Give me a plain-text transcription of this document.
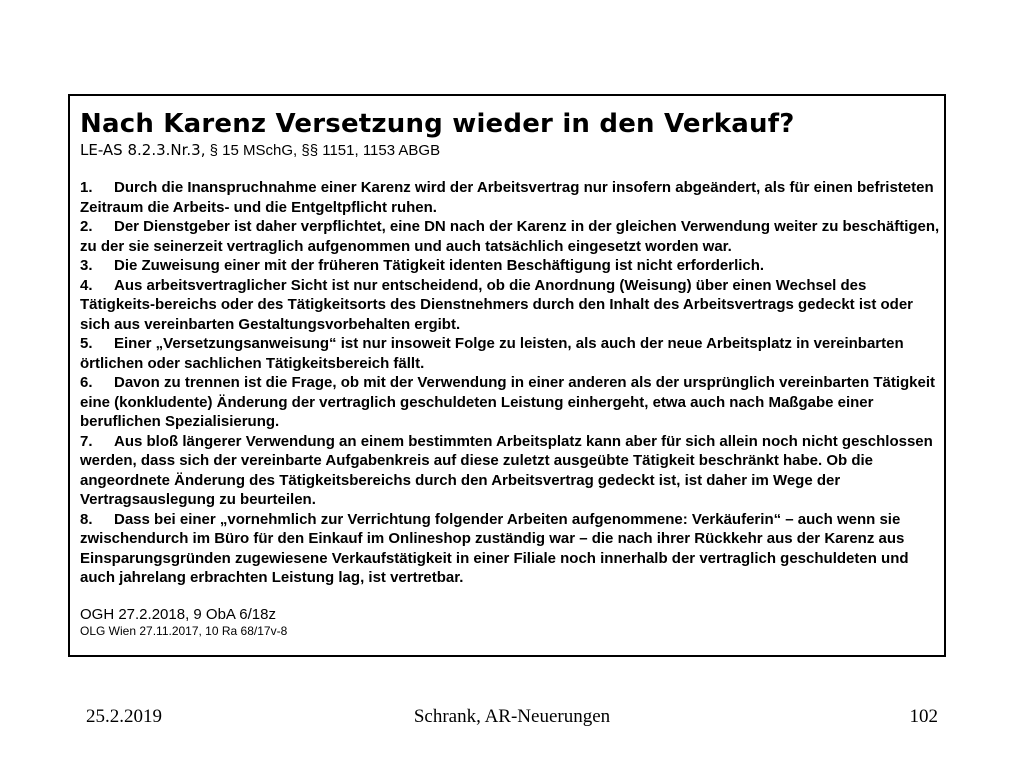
Nach Karenz Versetzung wieder in den Verkauf?
LE-AS 8.2.3.Nr.3, § 15 MSchG, §§ 1151, 1153 ABGB
1. Durch die Inanspruchnahme einer Karenz wird der Arbeitsvertrag nur insofern abgeändert, als für einen befristeten Zeitraum die Arbeits- und die Entgeltpflicht ruhen.
2. Der Dienstgeber ist daher verpflichtet, eine DN nach der Karenz in der gleichen Verwendung weiter zu beschäftigen, zu der sie seinerzeit vertraglich aufgenommen und auch tatsächlich eingesetzt worden war.
3. Die Zuweisung einer mit der früheren Tätigkeit identen Beschäftigung ist nicht erforderlich.
4. Aus arbeitsvertraglicher Sicht ist nur entscheidend, ob die Anordnung (Weisung) über einen Wechsel des Tätigkeits-bereichs oder des Tätigkeitsorts des Dienstnehmers durch den Inhalt des Arbeitsvertrags gedeckt ist oder sich aus vereinbarten Gestaltungsvorbehalten ergibt.
5. Einer „Versetzungsanweisung“ ist nur insoweit Folge zu leisten, als auch der neue Arbeitsplatz in vereinbarten örtlichen oder sachlichen Tätigkeitsbereich fällt.
6. Davon zu trennen ist die Frage, ob mit der Verwendung in einer anderen als der ursprünglich vereinbarten Tätigkeit eine (konkludente) Änderung der vertraglich geschuldeten Leistung einhergeht, etwa auch nach Maßgabe einer beruflichen Spezialisierung.
7. Aus bloß längerer Verwendung an einem bestimmten Arbeitsplatz kann aber für sich allein noch nicht geschlossen werden, dass sich der vereinbarte Aufgabenkreis auf diese zuletzt ausgeübte Tätigkeit beschränkt habe. Ob die angeordnete Änderung des Tätigkeitsbereichs durch den Arbeitsvertrag gedeckt ist, ist daher im Wege der Vertragsauslegung zu beurteilen.
8. Dass bei einer „vornehmlich zur Verrichtung folgender Arbeiten aufgenommene: Verkäuferin“ – auch wenn sie zwischendurch im Büro für den Einkauf im Onlineshop zuständig war – die nach ihrer Rückkehr aus der Karenz aus Einsparungsgründen zugewiesene Verkaufstätigkeit in einer Filiale noch innerhalb der vertraglich geschuldeten und auch jahrelang erbrachten Leistung lag, ist vertretbar.
OGH 27.2.2018, 9 ObA 6/18z
OLG Wien 27.11.2017, 10 Ra 68/17v-8
25.2.2019	Schrank, AR-Neuerungen	102
